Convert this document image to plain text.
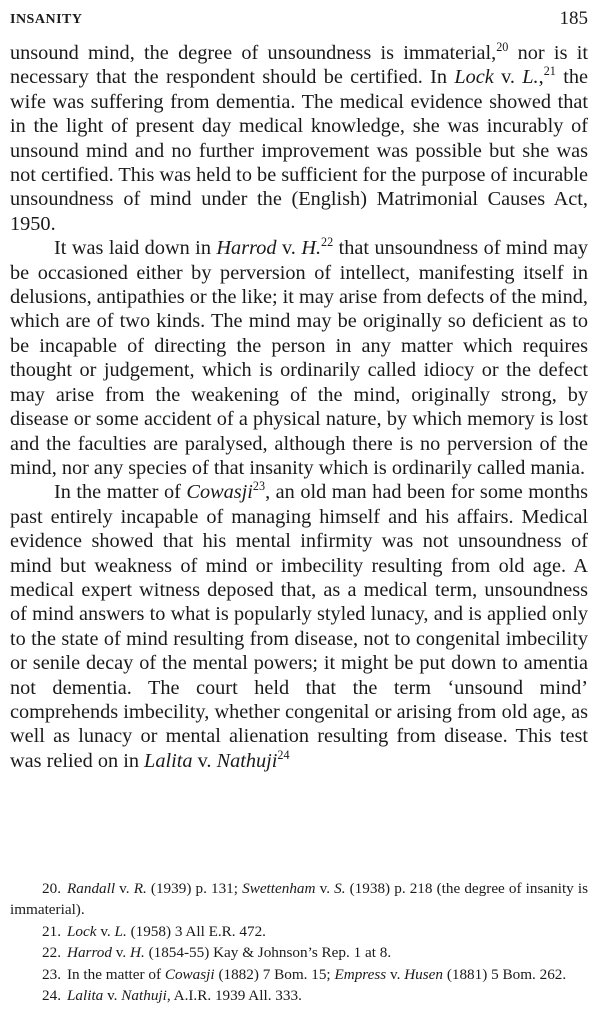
INSANITY	185

unsound mind, the degree of unsoundness is immaterial,$^{20}$ nor is it necessary that the respondent should be certified. In Lock v. L.,$^{21}$ the wife was suffering from dementia. The medical evidence showed that in the light of present day medical knowledge, she was incurably of unsound mind and no further improvement was possible but she was not certified. This was held to be sufficient for the purpose of incurable unsoundness of mind under the (English) Matrimonial Causes Act, 1950.

It was laid down in Harrod v. H.$^{22}$ that unsoundness of mind may be occasioned either by perversion of intellect, manifesting itself in delusions, antipathies or the like; it may arise from defects of the mind, which are of two kinds. The mind may be originally so deficient as to be incapable of directing the person in any matter which requires thought or judgement, which is ordinarily called idiocy or the defect may arise from the weakening of the mind, originally strong, by disease or some accident of a physical nature, by which memory is lost and the faculties are paralysed, although there is no perversion of the mind, nor any species of that insanity which is ordinarily called mania.

In the matter of Cowasji$^{23}$, an old man had been for some months past entirely incapable of managing himself and his affairs. Medical evidence showed that his mental infirmity was not unsoundness of mind but weakness of mind or imbecility resulting from old age. A medical expert witness deposed that, as a medical term, unsoundness of mind answers to what is popularly styled lunacy, and is applied only to the state of mind resulting from disease, not to congenital imbecility or senile decay of the mental powers; it might be put down to amentia not dementia. The court held that the term ‘unsound mind’ comprehends imbecility, whether congenital or arising from old age, as well as lunacy or mental alienation resulting from disease. This test was relied on in Lalita v. Nathuji$^{24}$

20. Randall v. R. (1939) p. 131; Swettenham v. S. (1938) p. 218 (the degree of insanity is immaterial).

21. Lock v. L. (1958) 3 All E.R. 472.

22. Harrod v. H. (1854-55) Kay & Johnson’s Rep. 1 at 8.

23. In the matter of Cowasji (1882) 7 Bom. 15; Empress v. Husen (1881) 5 Bom. 262.

24. Lalita v. Nathuji, A.I.R. 1939 All. 333.
